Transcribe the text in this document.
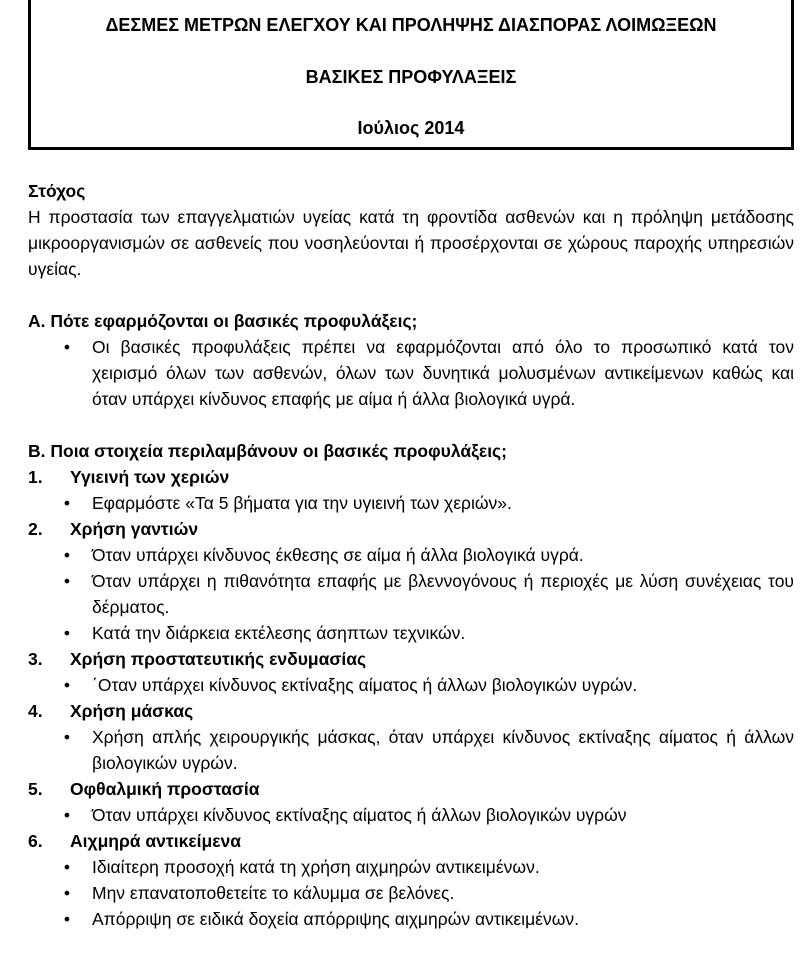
ΔΕΣΜΕΣ ΜΕΤΡΩΝ ΕΛΕΓΧΟΥ ΚΑΙ ΠΡΟΛΗΨΗΣ ΔΙΑΣΠΟΡΑΣ ΛΟΙΜΩΞΕΩΝ
ΒΑΣΙΚΕΣ ΠΡΟΦΥΛΑΞΕΙΣ
Ιούλιος 2014
Στόχος
Η προστασία των επαγγελματιών υγείας κατά τη φροντίδα ασθενών και η πρόληψη μετάδοσης μικροοργανισμών σε ασθενείς που νοσηλεύονται ή προσέρχονται σε χώρους παροχής υπηρεσιών υγείας.
Α. Πότε εφαρμόζονται οι βασικές προφυλάξεις;
• Οι βασικές προφυλάξεις πρέπει να εφαρμόζονται από όλο το προσωπικό κατά τον χειρισμό όλων των ασθενών, όλων των δυνητικά μολυσμένων αντικείμενων καθώς και όταν υπάρχει κίνδυνος επαφής με αίμα ή άλλα βιολογικά υγρά.
Β. Ποια στοιχεία περιλαμβάνουν οι βασικές προφυλάξεις;
1. Υγιεινή των χεριών
• Εφαρμόστε «Τα 5 βήματα για την υγιεινή των χεριών».
2. Χρήση γαντιών
• Όταν υπάρχει κίνδυνος έκθεσης σε αίμα ή άλλα βιολογικά υγρά.
• Όταν υπάρχει η πιθανότητα επαφής με βλεννογόνους ή περιοχές με λύση συνέχειας του δέρματος.
• Κατά την διάρκεια εκτέλεσης άσηπτων τεχνικών.
3. Χρήση προστατευτικής ενδυμασίας
• ΄Οταν υπάρχει κίνδυνος εκτίναξης αίματος ή άλλων βιολογικών υγρών.
4. Χρήση μάσκας
• Χρήση απλής χειρουργικής μάσκας, όταν υπάρχει κίνδυνος εκτίναξης αίματος ή άλλων βιολογικών υγρών.
5. Οφθαλμική προστασία
• Όταν υπάρχει κίνδυνος εκτίναξης αίματος ή άλλων βιολογικών υγρών
6. Αιχμηρά αντικείμενα
• Ιδιαίτερη προσοχή κατά τη χρήση αιχμηρών αντικειμένων.
• Μην επανατοποθετείτε το κάλυμμα σε βελόνες.
• Απόρριψη σε ειδικά δοχεία απόρριψης αιχμηρών αντικειμένων.
